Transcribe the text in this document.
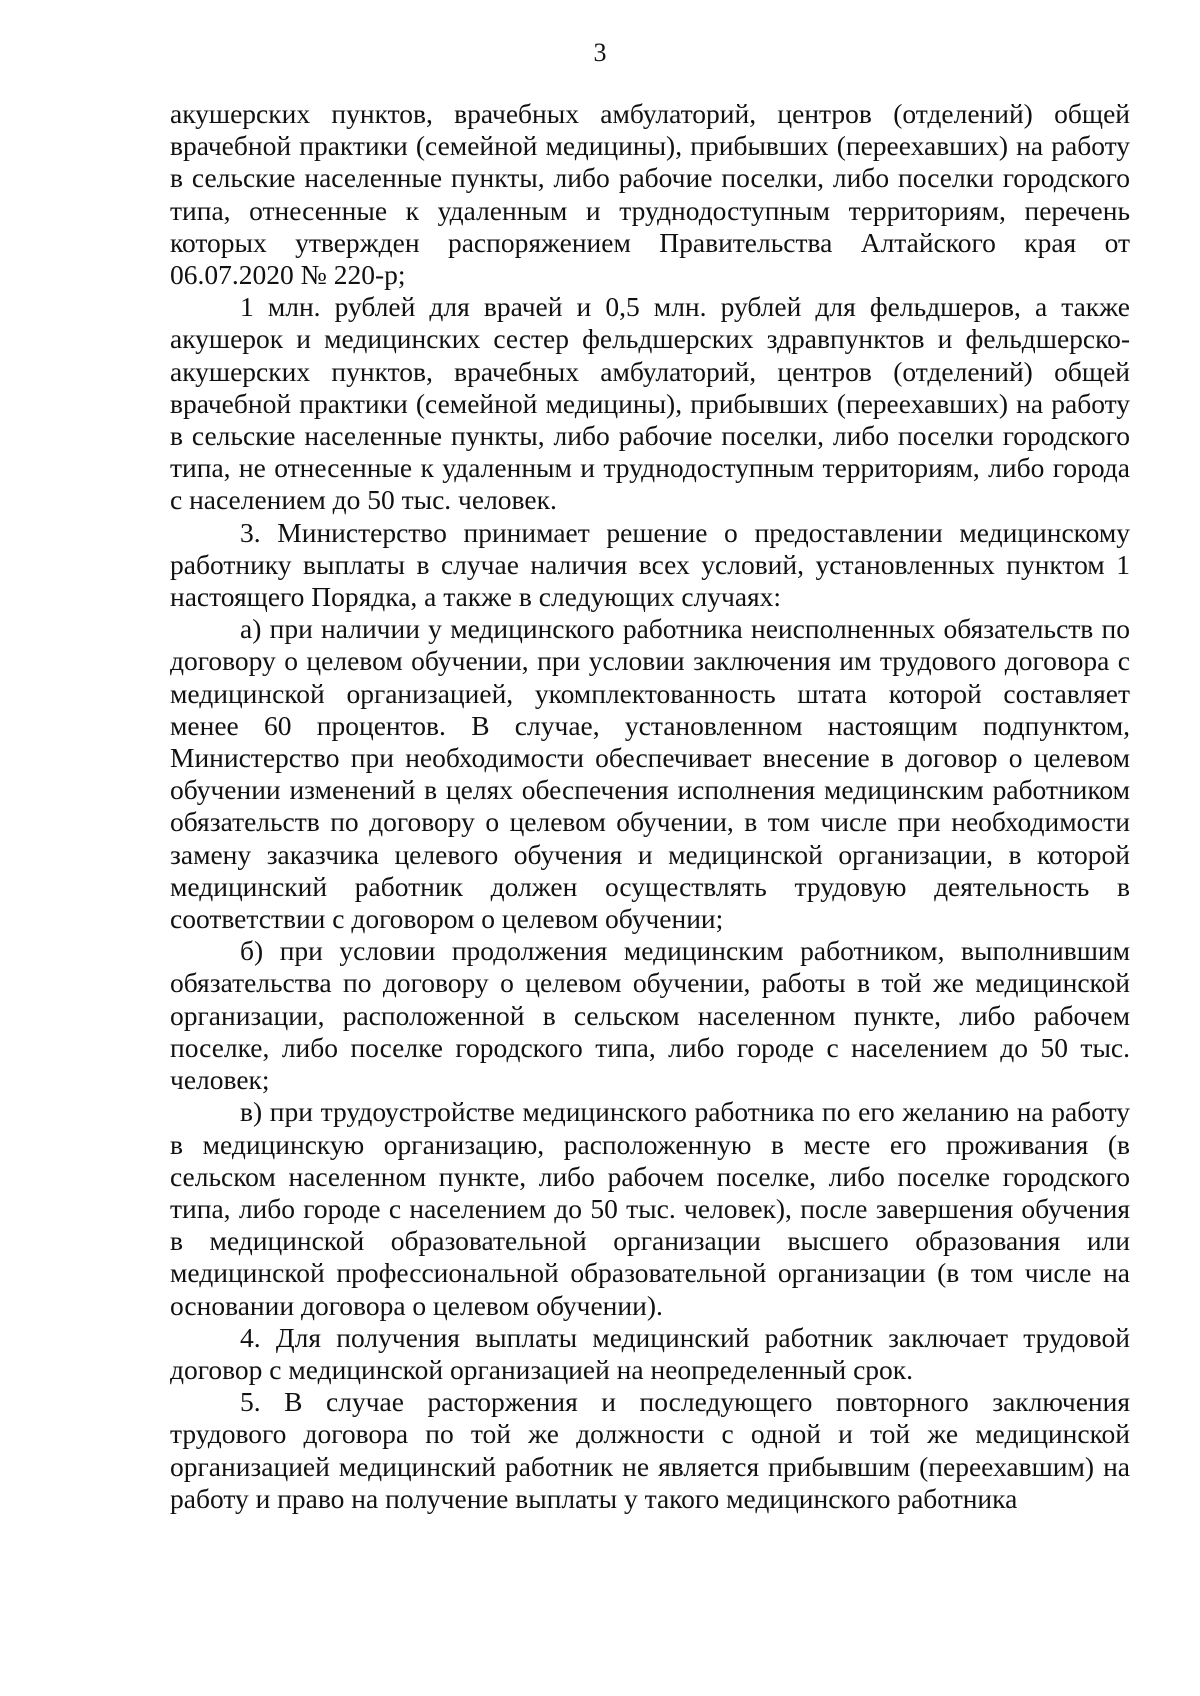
3

акушерских пунктов, врачебных амбулаторий, центров (отделений) общей врачебной практики (семейной медицины), прибывших (переехавших) на работу в сельские населенные пункты, либо рабочие поселки, либо поселки городского типа, отнесенные к удаленным и труднодоступным территориям, перечень которых утвержден распоряжением Правительства Алтайского края от 06.07.2020 № 220-р;

1 млн. рублей для врачей и 0,5 млн. рублей для фельдшеров, а также акушерок и медицинских сестер фельдшерских здравпунктов и фельдшерско-акушерских пунктов, врачебных амбулаторий, центров (отделений) общей врачебной практики (семейной медицины), прибывших (переехавших) на работу в сельские населенные пункты, либо рабочие поселки, либо поселки городского типа, не отнесенные к удаленным и труднодоступным территориям, либо города с населением до 50 тыс. человек.

3. Министерство принимает решение о предоставлении медицинскому работнику выплаты в случае наличия всех условий, установленных пунктом 1 настоящего Порядка, а также в следующих случаях:

а) при наличии у медицинского работника неисполненных обязательств по договору о целевом обучении, при условии заключения им трудового договора с медицинской организацией, укомплектованность штата которой составляет менее 60 процентов. В случае, установленном настоящим подпунктом, Министерство при необходимости обеспечивает внесение в договор о целевом обучении изменений в целях обеспечения исполнения медицинским работником обязательств по договору о целевом обучении, в том числе при необходимости замену заказчика целевого обучения и медицинской организации, в которой медицинский работник должен осуществлять трудовую деятельность в соответствии с договором о целевом обучении;

б) при условии продолжения медицинским работником, выполнившим обязательства по договору о целевом обучении, работы в той же медицинской организации, расположенной в сельском населенном пункте, либо рабочем поселке, либо поселке городского типа, либо городе с населением до 50 тыс. человек;

в) при трудоустройстве медицинского работника по его желанию на работу в медицинскую организацию, расположенную в месте его проживания (в сельском населенном пункте, либо рабочем поселке, либо поселке городского типа, либо городе с населением до 50 тыс. человек), после завершения обучения в медицинской образовательной организации высшего образования или медицинской профессиональной образовательной организации (в том числе на основании договора о целевом обучении).

4. Для получения выплаты медицинский работник заключает трудовой договор с медицинской организацией на неопределенный срок.

5. В случае расторжения и последующего повторного заключения трудового договора по той же должности с одной и той же медицинской организацией медицинский работник не является прибывшим (переехавшим) на работу и право на получение выплаты у такого медицинского работника
